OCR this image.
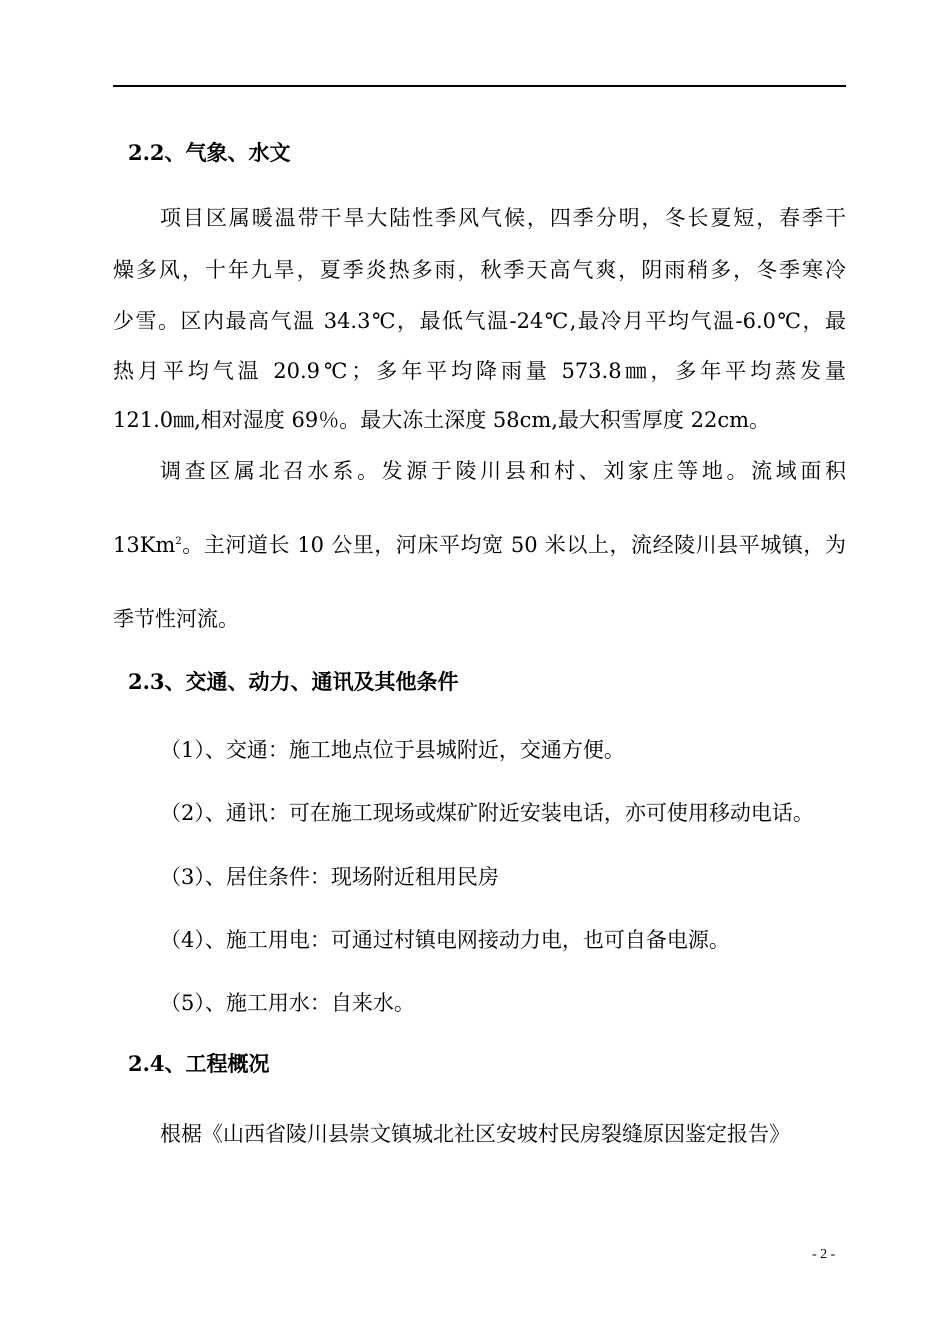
2.2、气象、水文
项目区属暖温带干旱大陆性季风气候，四季分明，冬长夏短，春季干
燥多风，十年九旱，夏季炎热多雨，秋季天高气爽，阴雨稍多，冬季寒冷
少雪。区内最高气温 34.3℃，最低气温-24℃,最冷月平均气温-6.0℃，最
热月平均气温 20.9℃；多年平均降雨量 573.8㎜，多年平均蒸发量
121.0㎜,相对湿度 69％。最大冻土深度 58cm,最大积雪厚度 22cm。
调查区属北召水系。发源于陵川县和村、刘家庄等地。流域面积
13Km$^2$。主河道长 10 公里，河床平均宽 50 米以上，流经陵川县平城镇，为
季节性河流。
2.3、交通、动力、通讯及其他条件
（1）、交通：施工地点位于县城附近，交通方便。
（2）、通讯：可在施工现场或煤矿附近安装电话，亦可使用移动电话。
（3）、居住条件：现场附近租用民房
（4）、施工用电：可通过村镇电网接动力电，也可自备电源。
（5）、施工用水：自来水。
2.4、工程概况
根椐《山西省陵川县崇文镇城北社区安坡村民房裂缝原因鉴定报告》
- 2 -
